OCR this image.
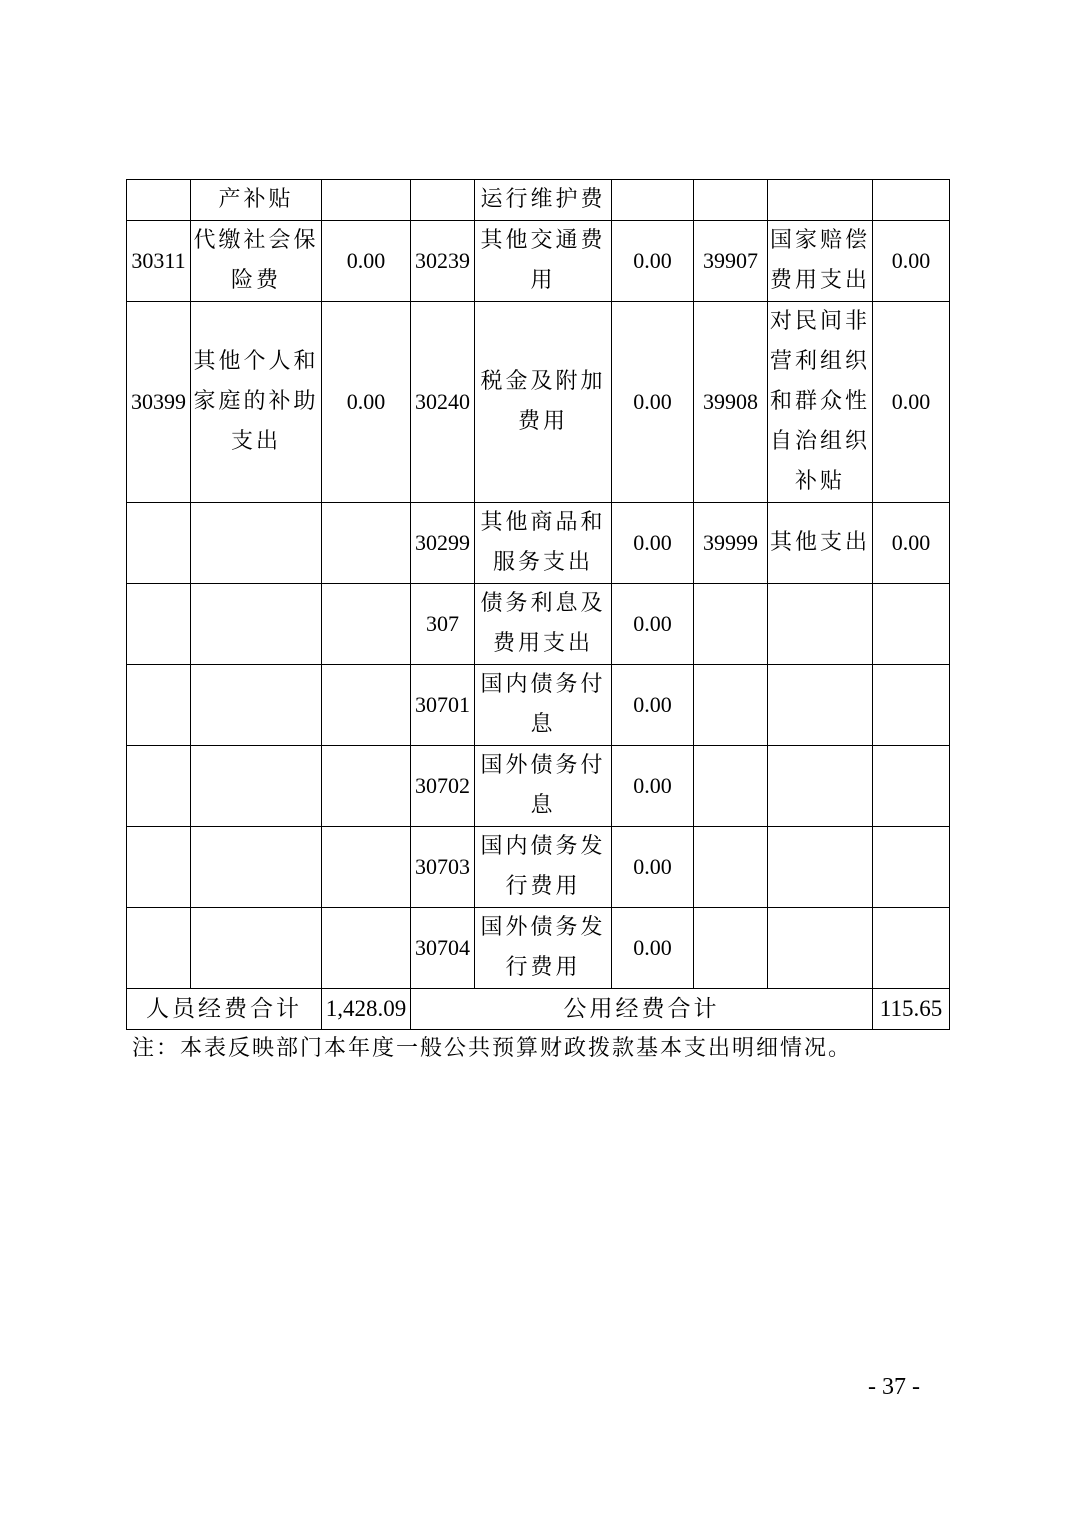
	产补贴			运行维护费				
30311	代缴社会保险费	0.00	30239	其他交通费用	0.00	39907	国家赔偿费用支出	0.00
30399	其他个人和家庭的补助支出	0.00	30240	税金及附加费用	0.00	39908	对民间非营利组织和群众性自治组织补贴	0.00
			30299	其他商品和服务支出	0.00	39999	其他支出	0.00
			307	债务利息及费用支出	0.00			
			30701	国内债务付息	0.00			
			30702	国外债务付息	0.00			
			30703	国内债务发行费用	0.00			
			30704	国外债务发行费用	0.00			
人员经费合计		1,428.09	公用经费合计					115.65
注：本表反映部门本年度一般公共预算财政拨款基本支出明细情况。
- 37 -
